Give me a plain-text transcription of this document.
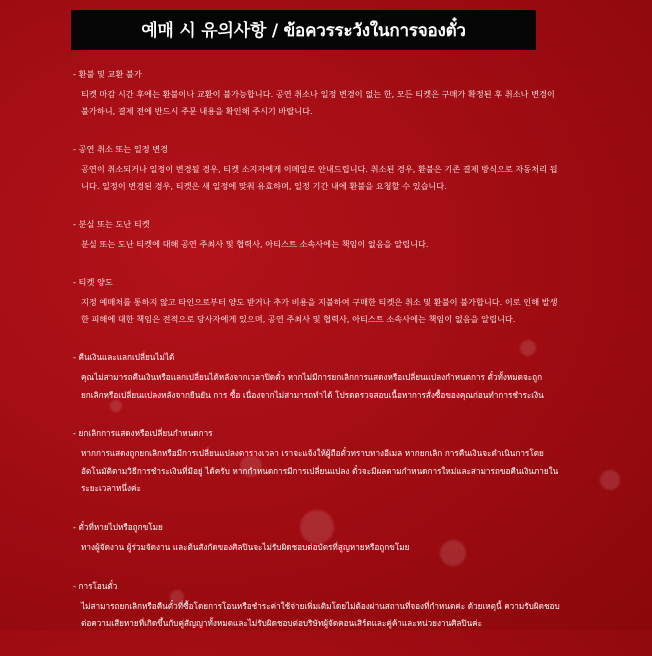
예매 시 유의사항 / ข้อควรระวังในการจองตั๋ว
- 환불 및 교환 불가
티켓 마감 시간 후에는 환불이나 교환이 불가능합니다. 공연 취소나 일정 변경이 없는 한, 모든 티켓은 구매가 확정된 후 취소나 변경이 불가하니, 결제 전에 반드시 주문 내용을 확인해 주시기 바랍니다.
- 공연 취소 또는 일정 변경
공연이 취소되거나 일정이 변경될 경우, 티켓 소지자에게 이메일로 안내드립니다. 취소된 경우, 환불은 기존 결제 방식으로 자동처리 됩니다. 일정이 변경된 경우, 티켓은 새 일정에 맞춰 유효하며, 일정 기간 내에 환불을 요청할 수 있습니다.
- 분실 또는 도난 티켓
분실 또는 도난 티켓에 대해 공연 주최사 및 협력사, 아티스트 소속사에는 책임이 없음을 알립니다.
- 티켓 양도
지정 예매처를 통하지 않고 타인으로부터 양도 받거나 추가 비용을 지불하여 구매한 티켓은 취소 및 환불이 불가합니다. 이로 인해 발생한 피해에 대한 책임은 전적으로 당사자에게 있으며, 공연 주최사 및 협력사, 아티스트 소속사에는 책임이 없음을 알립니다.
- คืนเงินและแลกเปลี่ยนไม่ได้
คุณไม่สามารถคืนเงินหรือแลกเปลี่ยนได้หลังจากเวลาปิดตั๋ว หากไม่มีการยกเลิกการแสดงหรือเปลี่ยนแปลงกำหนดการ ตั๋วทั้งหมดจะถูกยกเลิกหรือเปลี่ยนแปลงหลังจากยืนยัน การ ซื้อ เนื่องจากไม่สามารถทำได้ โปรดตรวจสอบเนื้อหาการสั่งซื้อของคุณก่อนทำการชำระเงิน
- ยกเลิกการแสดงหรือเปลี่ยนกำหนดการ
หากการแสดงถูกยกเลิกหรือมีการเปลี่ยนแปลงตารางเวลา เราจะแจ้งให้ผู้ถือตั๋วทราบทางอีเมล หากยกเลิก การคืนเงินจะดำเนินการโดยอัตโนมัติตามวิธีการชำระเงินที่มีอยู่ ได้ครับ หากกำหนดการมีการเปลี่ยนแปลง ตั๋วจะมีผลตามกำหนดการใหม่และสามารถขอคืนเงินภายในระยะเวลาหนึ่งค่ะ
- ตั๋วที่หายไปหรือถูกขโมย
ทางผู้จัดงาน ผู้ร่วมจัดงาน และต้นสังกัดของศิลปินจะไม่รับผิดชอบต่อบัตรที่สูญหายหรือถูกขโมย
- การโอนตั๋ว
ไม่สามารถยกเลิกหรือคืนตั๋วที่ซื้อโดยการโอนหรือชำระค่าใช้จ่ายเพิ่มเติมโดยไม่ต้องผ่านสถานที่จองที่กำหนดค่ะ ด้วยเหตุนี้ ความรับผิดชอบต่อความเสียหายที่เกิดขึ้นกับคู่สัญญาทั้งหมดและไม่รับผิดชอบต่อบริษัทผู้จัดคอนเสิร์ตและคู่ค้าและหน่วยงานศิลปินค่ะ
